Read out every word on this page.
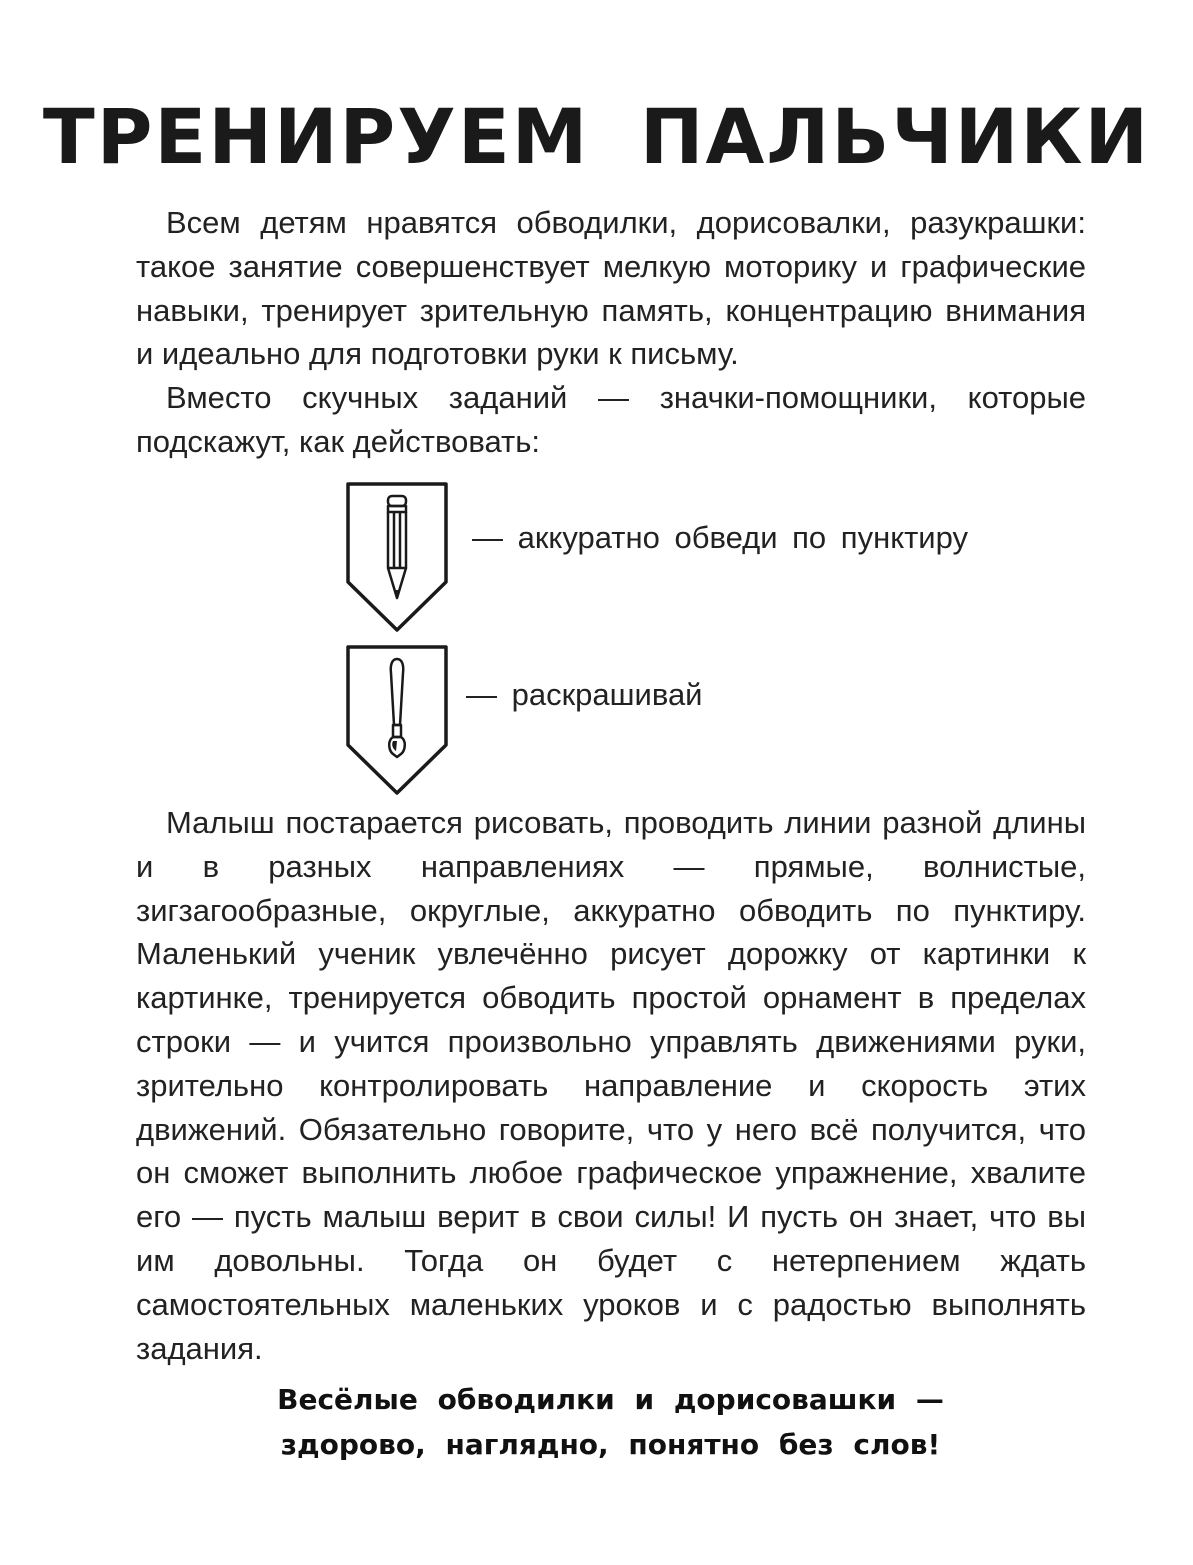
ТРЕНИРУЕМ ПАЛЬЧИКИ

Всем детям нравятся обводилки, дорисовалки, разукрашки: такое занятие совершенствует мелкую моторику и графические навыки, тренирует зрительную память, концентрацию внимания и идеально для подготовки руки к письму.

Вместо скучных заданий — значки-помощники, которые подскажут, как действовать:

— аккуратно обведи по пунктиру
— раскрашивай

Малыш постарается рисовать, проводить линии разной длины и в разных направлениях — прямые, волнистые, зигзагообразные, округлые, аккуратно обводить по пунктиру. Маленький ученик увлечённо рисует дорожку от картинки к картинке, тренируется обводить простой орнамент в пределах строки — и учится произвольно управлять движениями руки, зрительно контролировать направление и скорость этих движений. Обязательно говорите, что у него всё получится, что он сможет выполнить любое графическое упражнение, хвалите его — пусть малыш верит в свои силы! И пусть он знает, что вы им довольны. Тогда он будет с нетерпением ждать самостоятельных маленьких уроков и с радостью выполнять задания.

Весёлые обводилки и дорисовашки —

здорово, наглядно, понятно без слов!
